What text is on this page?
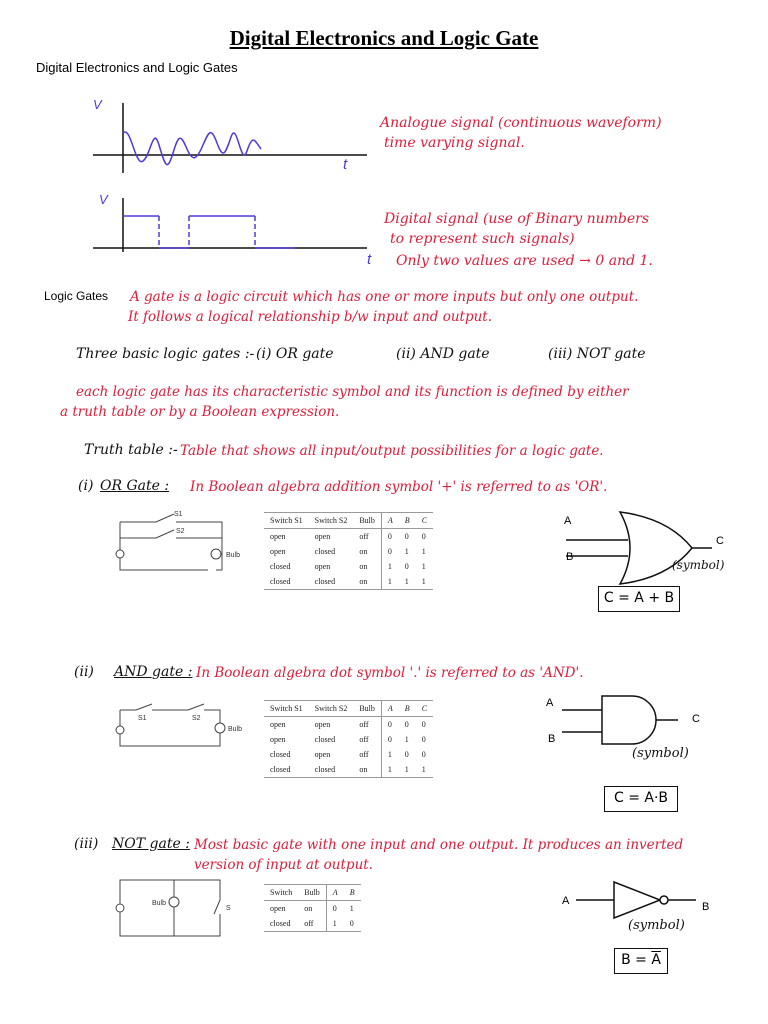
Digital Electronics and Logic Gate
Digital Electronics and Logic Gates
V
t
Analogue signal (continuous waveform)
time varying signal.
V
t
Digital signal (use of Binary numbers
to represent such signals)
Only two values are used → 0 and 1.
Logic Gates A gate is a logic circuit which has one or more inputs but only one output.
It follows a logical relationship b/w input and output.
Three basic logic gates :- (i) OR gate	(ii) AND gate	(iii) NOT gate
each logic gate has its characteristic symbol and its function is defined by either
a truth table or by a Boolean expression.
Truth table :- Table that shows all input/output possibilities for a logic gate.
(i) OR Gate : In Boolean algebra addition symbol '+' is referred to as 'OR'.
S1
S2
Bulb
Switch S1	Switch S2	Bulb	A	B	C
open	open	off	0	0	0
open	closed	on	0	1	1
closed	open	on	1	0	1
closed	closed	on	1	1	1
A
B
C
(symbol)
C = A + B
(ii) AND gate : In Boolean algebra dot symbol '.' is referred to as 'AND'.
S1	S2
Bulb
Switch S1	Switch S2	Bulb	A	B	C
open	open	off	0	0	0
open	closed	off	0	1	0
closed	open	off	1	0	0
closed	closed	on	1	1	1
A
B
C
(symbol)
C = A·B
(iii) NOT gate : Most basic gate with one input and one output. It produces an inverted
version of input at output.
Bulb
S
Switch	Bulb	A	B
open	on	0	1
closed	off	1	0
A	B
(symbol)
$B = \overline{A}$
